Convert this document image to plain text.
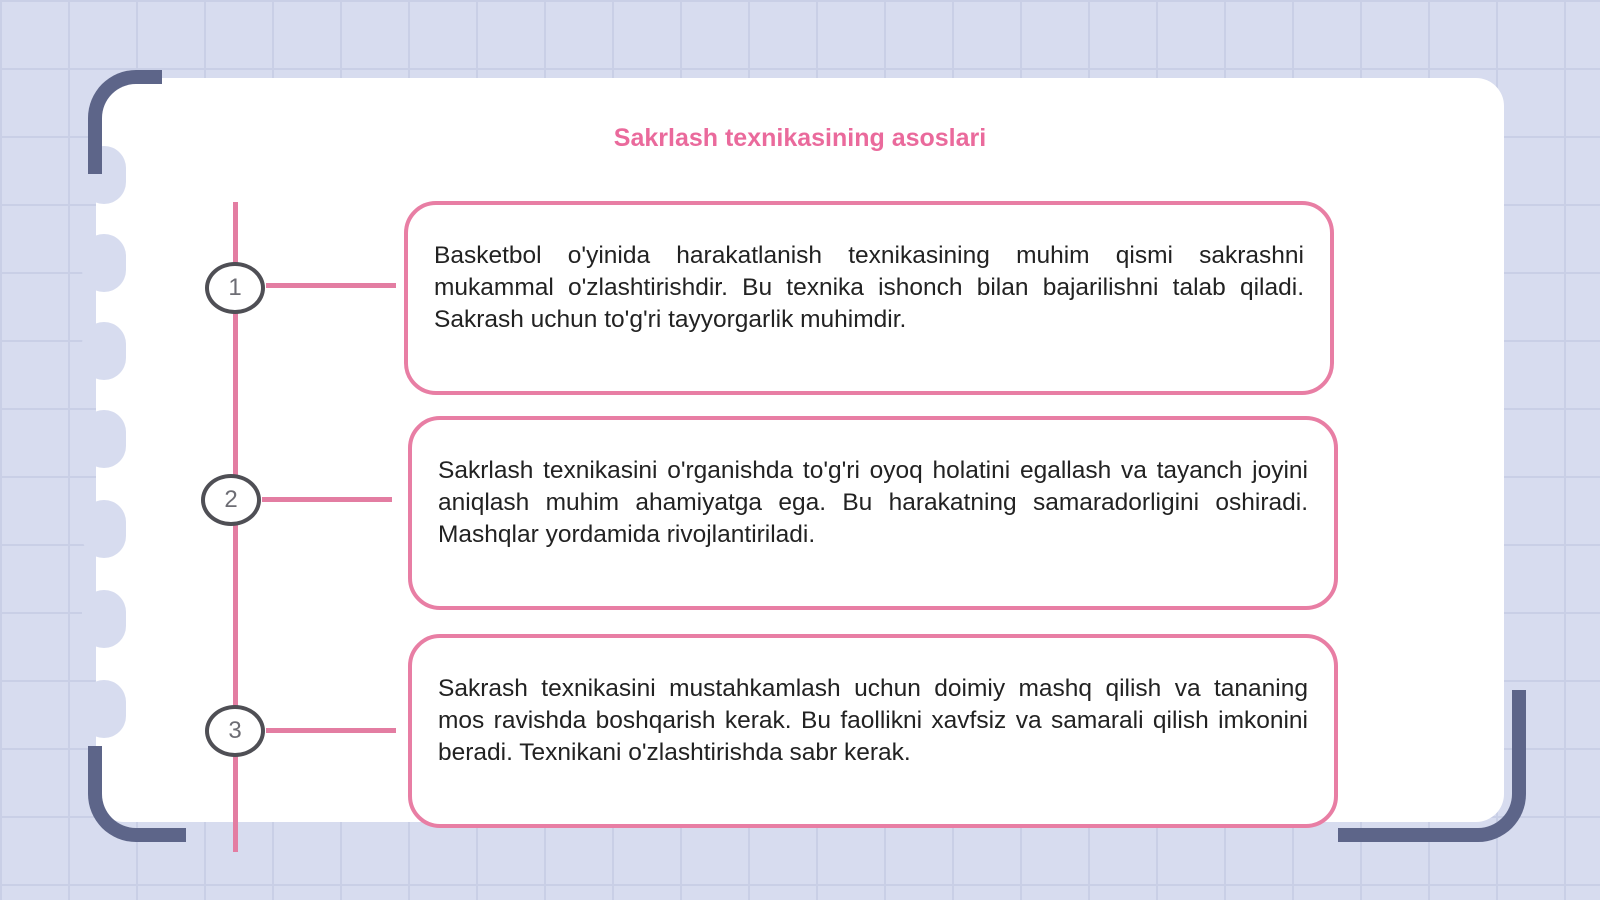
Sakrlash texnikasining asoslari
1
2
3

Basketbol o'yinida harakatlanish texnikasining muhim qismi sakrashni mukammal o'zlashtirishdir. Bu texnika ishonch bilan bajarilishni talab qiladi. Sakrash uchun to'g'ri tayyorgarlik muhimdir.

Sakrlash texnikasini o'rganishda to'g'ri oyoq holatini egallash va tayanch joyini aniqlash muhim ahamiyatga ega. Bu harakatning samaradorligini oshiradi. Mashqlar yordamida rivojlantiriladi.

Sakrash texnikasini mustahkamlash uchun doimiy mashq qilish va tananing mos ravishda boshqarish kerak. Bu faollikni xavfsiz va samarali qilish imkonini beradi. Texnikani o'zlashtirishda sabr kerak.
